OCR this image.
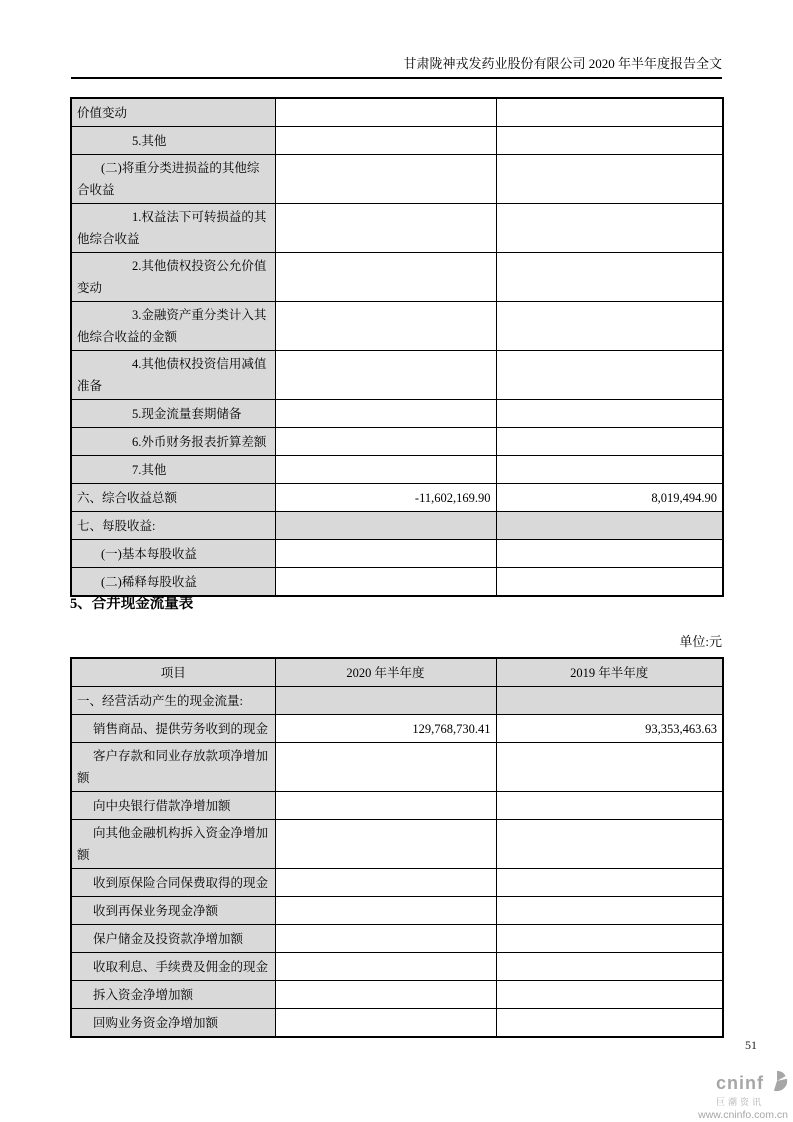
甘肃陇神戎发药业股份有限公司 2020 年半年度报告全文
价值变动		
5.其他		
(二)将重分类进损益的其他综合收益		
1.权益法下可转损益的其他综合收益		
2.其他债权投资公允价值变动		
3.金融资产重分类计入其他综合收益的金额		
4.其他债权投资信用减值准备		
5.现金流量套期储备		
6.外币财务报表折算差额		
7.其他		
六、综合收益总额	-11,602,169.90	8,019,494.90
七、每股收益:		
(一)基本每股收益		
(二)稀释每股收益		
5、合并现金流量表
单位:元
项目	2020 年半年度	2019 年半年度
一、经营活动产生的现金流量:		
销售商品、提供劳务收到的现金	129,768,730.41	93,353,463.63
客户存款和同业存放款项净增加额		
向中央银行借款净增加额		
向其他金融机构拆入资金净增加额		
收到原保险合同保费取得的现金		
收到再保业务现金净额		
保户储金及投资款净增加额		
收取利息、手续费及佣金的现金		
拆入资金净增加额		
回购业务资金净增加额		
51
cninf
巨潮资讯
www.cninfo.com.cn
